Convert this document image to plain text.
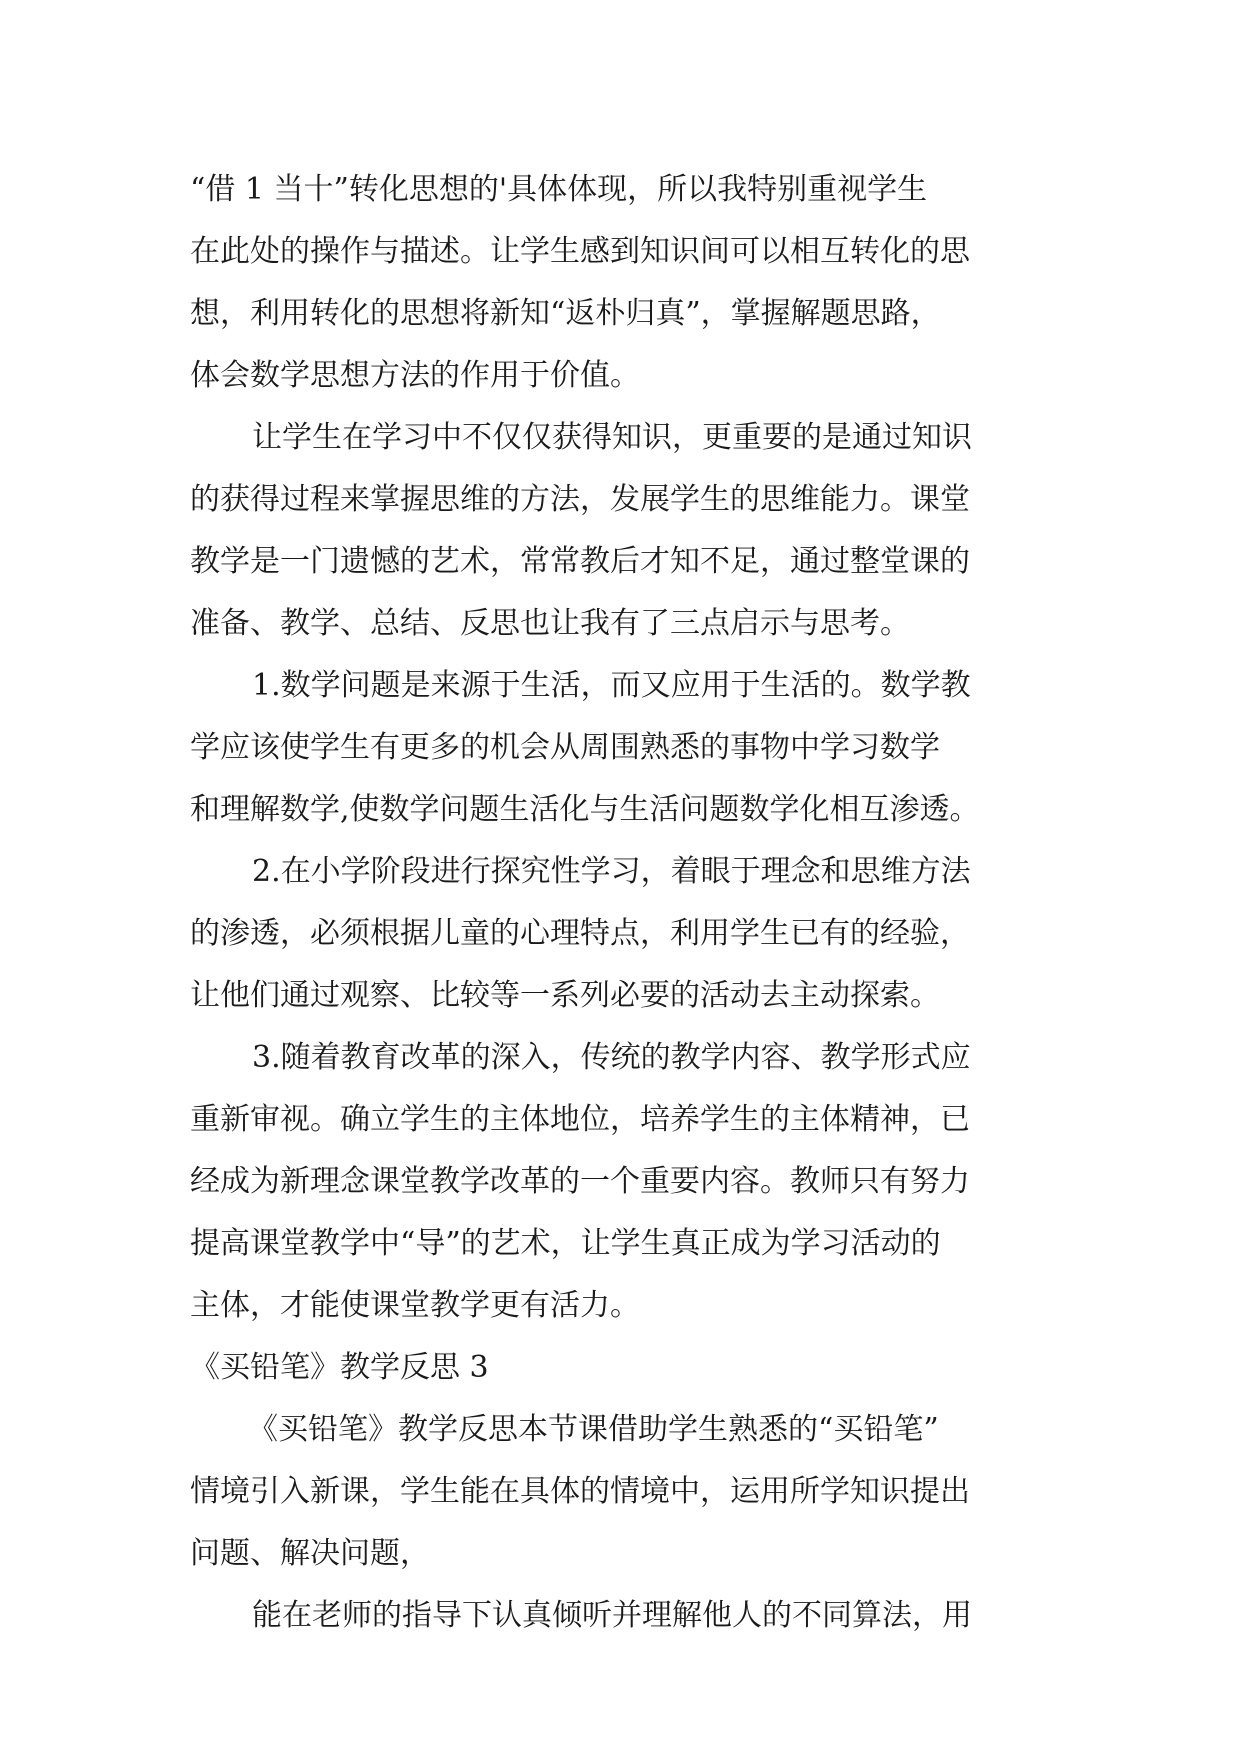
“借 1 当十”转化思想的'具体体现，所以我特别重视学生
在此处的操作与描述。让学生感到知识间可以相互转化的思
想，利用转化的思想将新知“返朴归真”，掌握解题思路，
体会数学思想方法的作用于价值。
让学生在学习中不仅仅获得知识，更重要的是通过知识
的获得过程来掌握思维的方法，发展学生的思维能力。课堂
教学是一门遗憾的艺术，常常教后才知不足，通过整堂课的
准备、教学、总结、反思也让我有了三点启示与思考。
1.数学问题是来源于生活，而又应用于生活的。数学教
学应该使学生有更多的机会从周围熟悉的事物中学习数学
和理解数学,使数学问题生活化与生活问题数学化相互渗透。
2.在小学阶段进行探究性学习，着眼于理念和思维方法
的渗透，必须根据儿童的心理特点，利用学生已有的经验，
让他们通过观察、比较等一系列必要的活动去主动探索。
3.随着教育改革的深入，传统的教学内容、教学形式应
重新审视。确立学生的主体地位，培养学生的主体精神，已
经成为新理念课堂教学改革的一个重要内容。教师只有努力
提高课堂教学中“导”的艺术，让学生真正成为学习活动的
主体，才能使课堂教学更有活力。
《买铅笔》教学反思 3
《买铅笔》教学反思本节课借助学生熟悉的“买铅笔”
情境引入新课，学生能在具体的情境中，运用所学知识提出
问题、解决问题，
能在老师的指导下认真倾听并理解他人的不同算法，用
